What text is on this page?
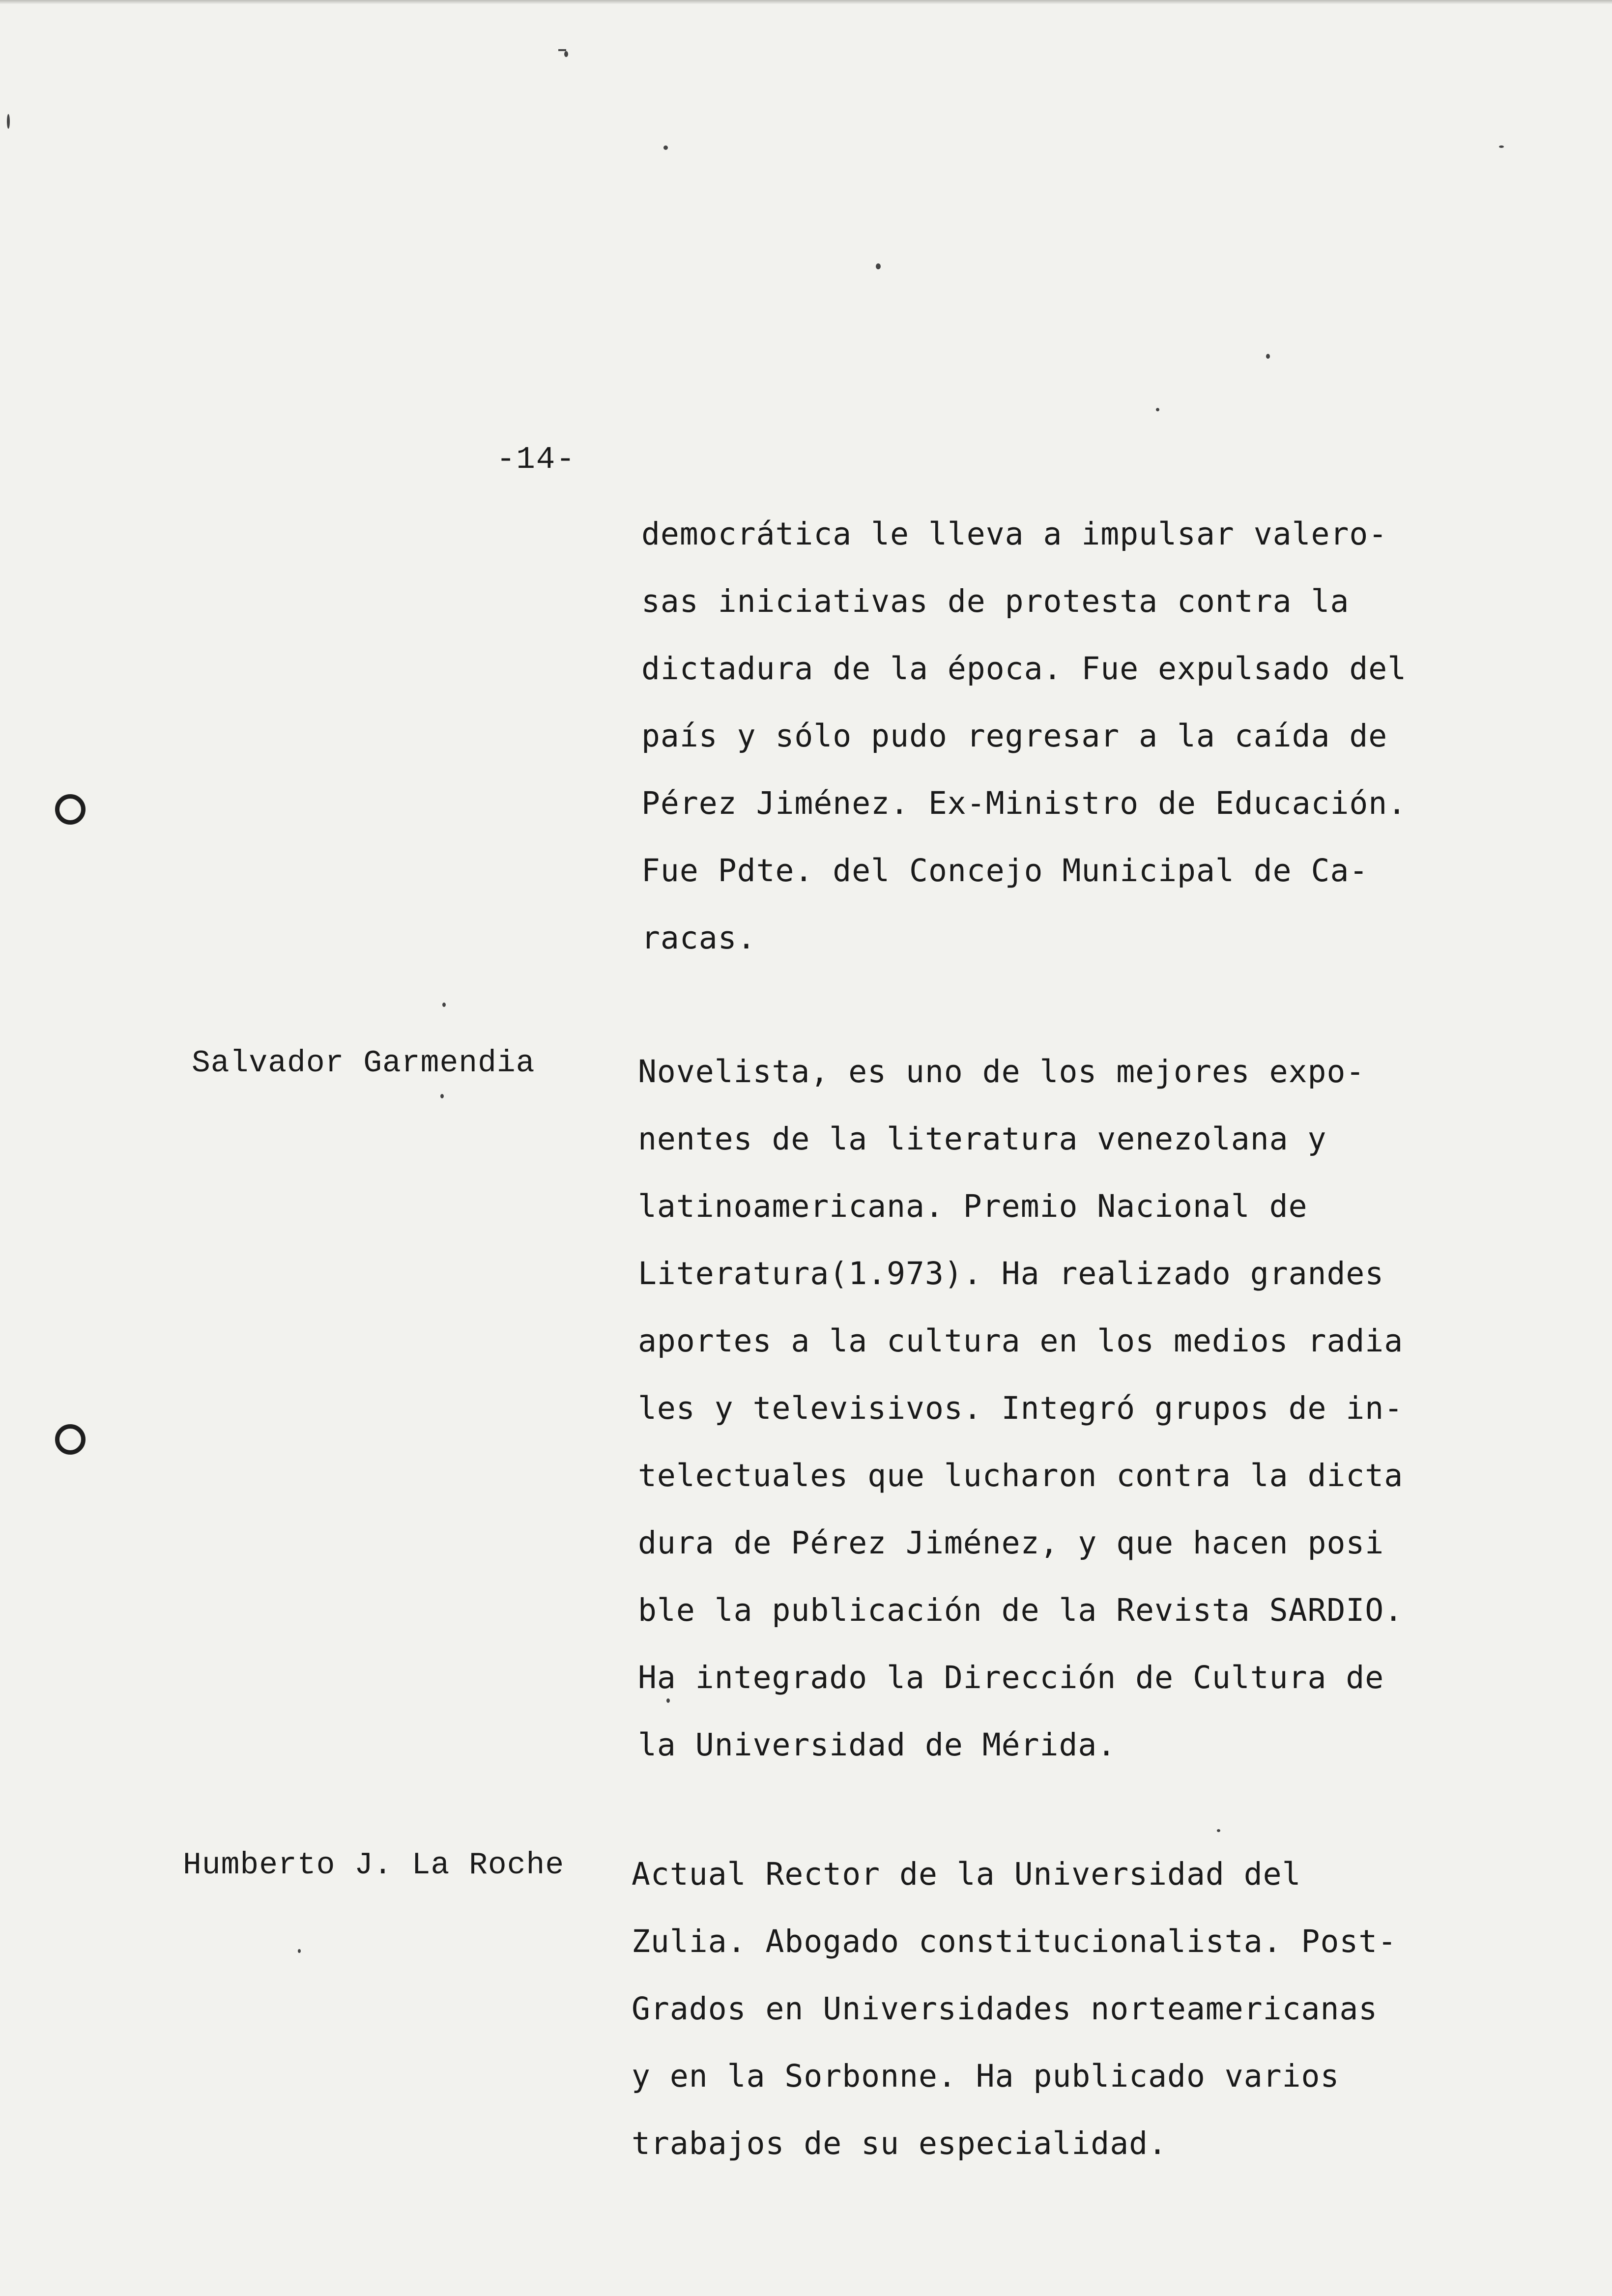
-14-
democrática le lleva a impulsar valero-
sas iniciativas de protesta contra la
dictadura de la época. Fue expulsado del
país y sólo pudo regresar a la caída de
Pérez Jiménez. Ex-Ministro de Educación.
Fue Pdte. del Concejo Municipal de Ca-
racas.
Salvador Garmendia	Novelista, es uno de los mejores expo-
nentes de la literatura venezolana y
latinoamericana. Premio Nacional de
Literatura(1.973). Ha realizado grandes
aportes a la cultura en los medios radia
les y televisivos. Integró grupos de in-
telectuales que lucharon contra la dicta
dura de Pérez Jiménez, y que hacen posi
ble la publicación de la Revista SARDIO.
Ha integrado la Dirección de Cultura de
la Universidad de Mérida.
Humberto J. La Roche Actual Rector de la Universidad del
Zulia. Abogado constitucionalista. Post-
Grados en Universidades norteamericanas
y en la Sorbonne. Ha publicado varios
trabajos de su especialidad.
